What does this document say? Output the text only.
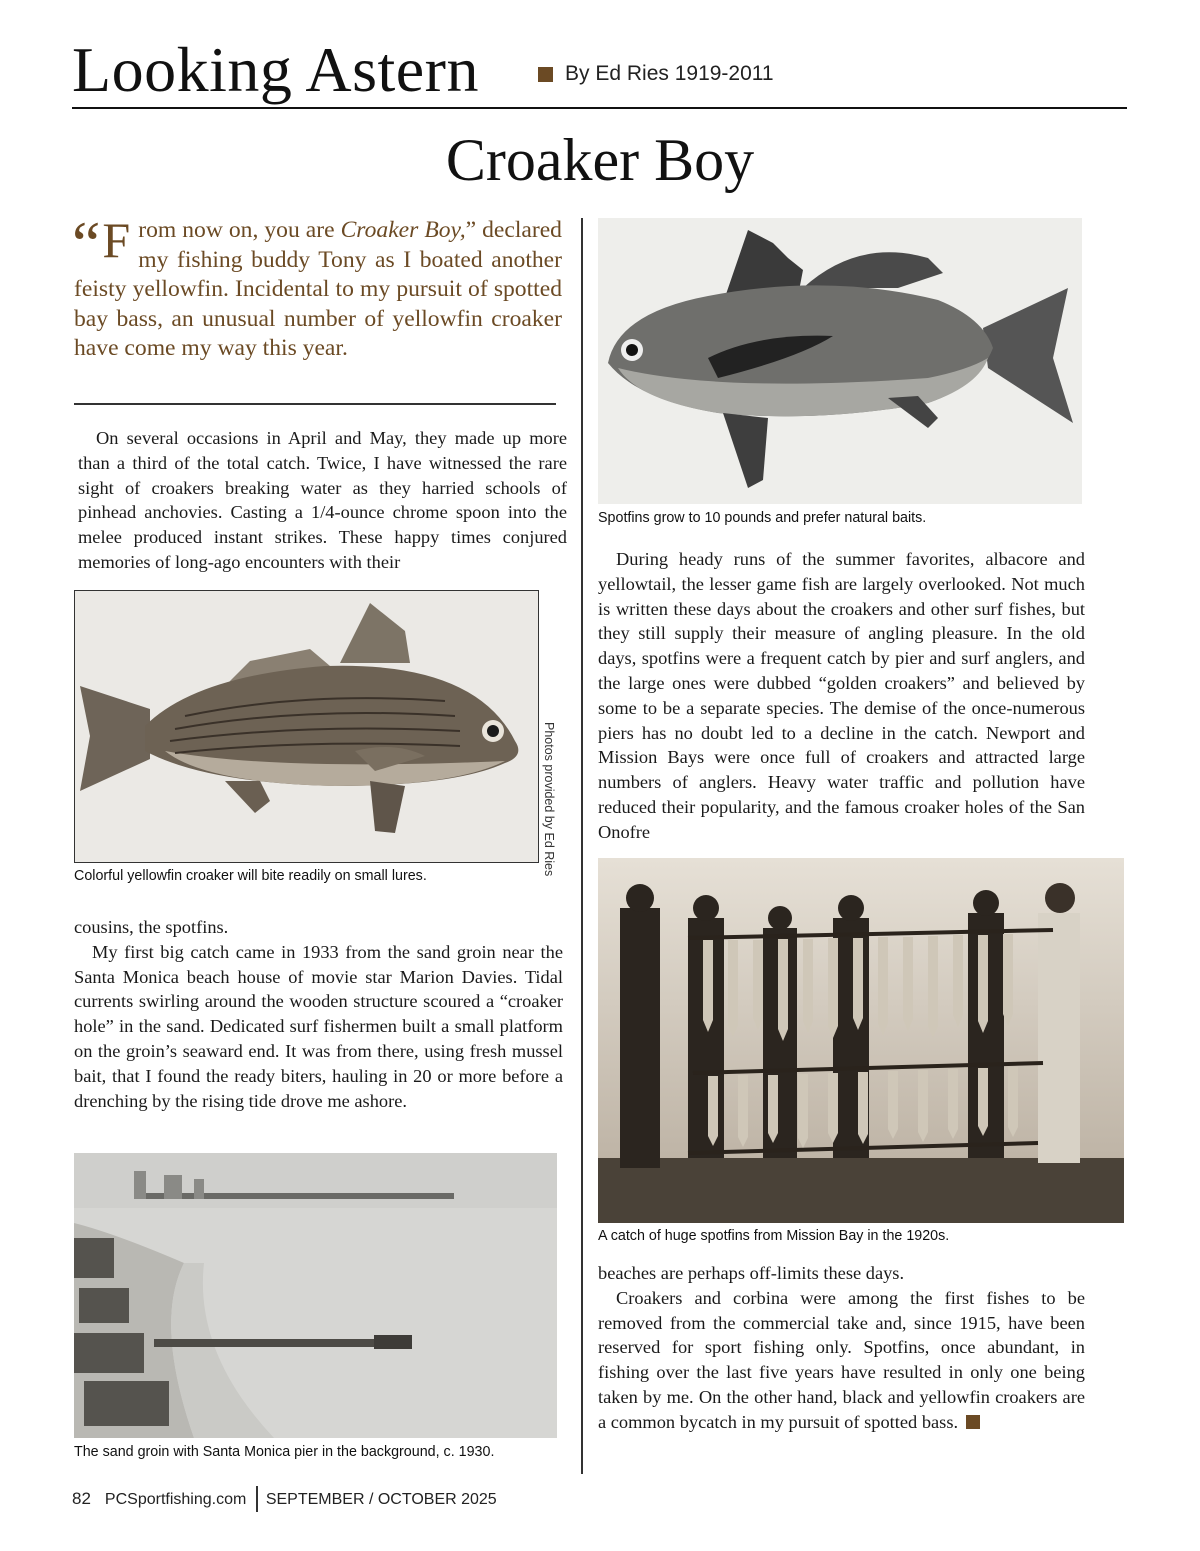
Looking Astern	By Ed Ries 1919-2011
Croaker Boy
“ F rom now on, you are Croaker Boy,” declared my fishing buddy Tony as I boated another feisty yellowfin. Incidental to my pursuit of spotted bay bass, an unusual number of yellowfin croaker have come my way this year.

On several occasions in April and May, they made up more than a third of the total catch. Twice, I have witnessed the rare sight of croakers breaking water as they harried schools of pinhead anchovies. Casting a 1/4-ounce chrome spoon into the melee produced instant strikes. These happy times conjured memories of long-ago encounters with their

cousins, the spotfins.

My first big catch came in 1933 from the sand groin near the Santa Monica beach house of movie star Marion Davies. Tidal currents swirling around the wooden structure scoured a “croaker hole” in the sand. Dedicated surf fishermen built a small platform on the groin’s seaward end. It was from there, using fresh mussel bait, that I found the ready biters, hauling in 20 or more before a drenching by the rising tide drove me ashore.

During heady runs of the summer favorites, albacore and yellowtail, the lesser game fish are largely overlooked. Not much is written these days about the croakers and other surf fishes, but they still supply their measure of angling pleasure. In the old days, spotfins were a frequent catch by pier and surf anglers, and the large ones were dubbed “golden croakers” and believed by some to be a separate species. The demise of the once-numerous piers has no doubt led to a decline in the catch. Newport and Mission Bays were once full of croakers and attracted large numbers of anglers. Heavy water traffic and pollution have reduced their popularity, and the famous croaker holes of the San Onofre

beaches are perhaps off-limits these days.

Croakers and corbina were among the first fishes to be removed from the commercial take and, since 1915, have been reserved for sport fishing only. Spotfins, once abundant, in fishing over the last five years have resulted in only one being taken by me. On the other hand, black and yellowfin croakers are a common bycatch in my pursuit of spotted bass.

Spotfins grow to 10 pounds and prefer natural baits.
Photos provided by Ed Ries
Colorful yellowfin croaker will bite readily on small lures.
A catch of huge spotfins from Mission Bay in the 1920s.
The sand groin with Santa Monica pier in the background, c. 1930.
82 PCSportfishing.com SEPTEMBER / OCTOBER 2025
